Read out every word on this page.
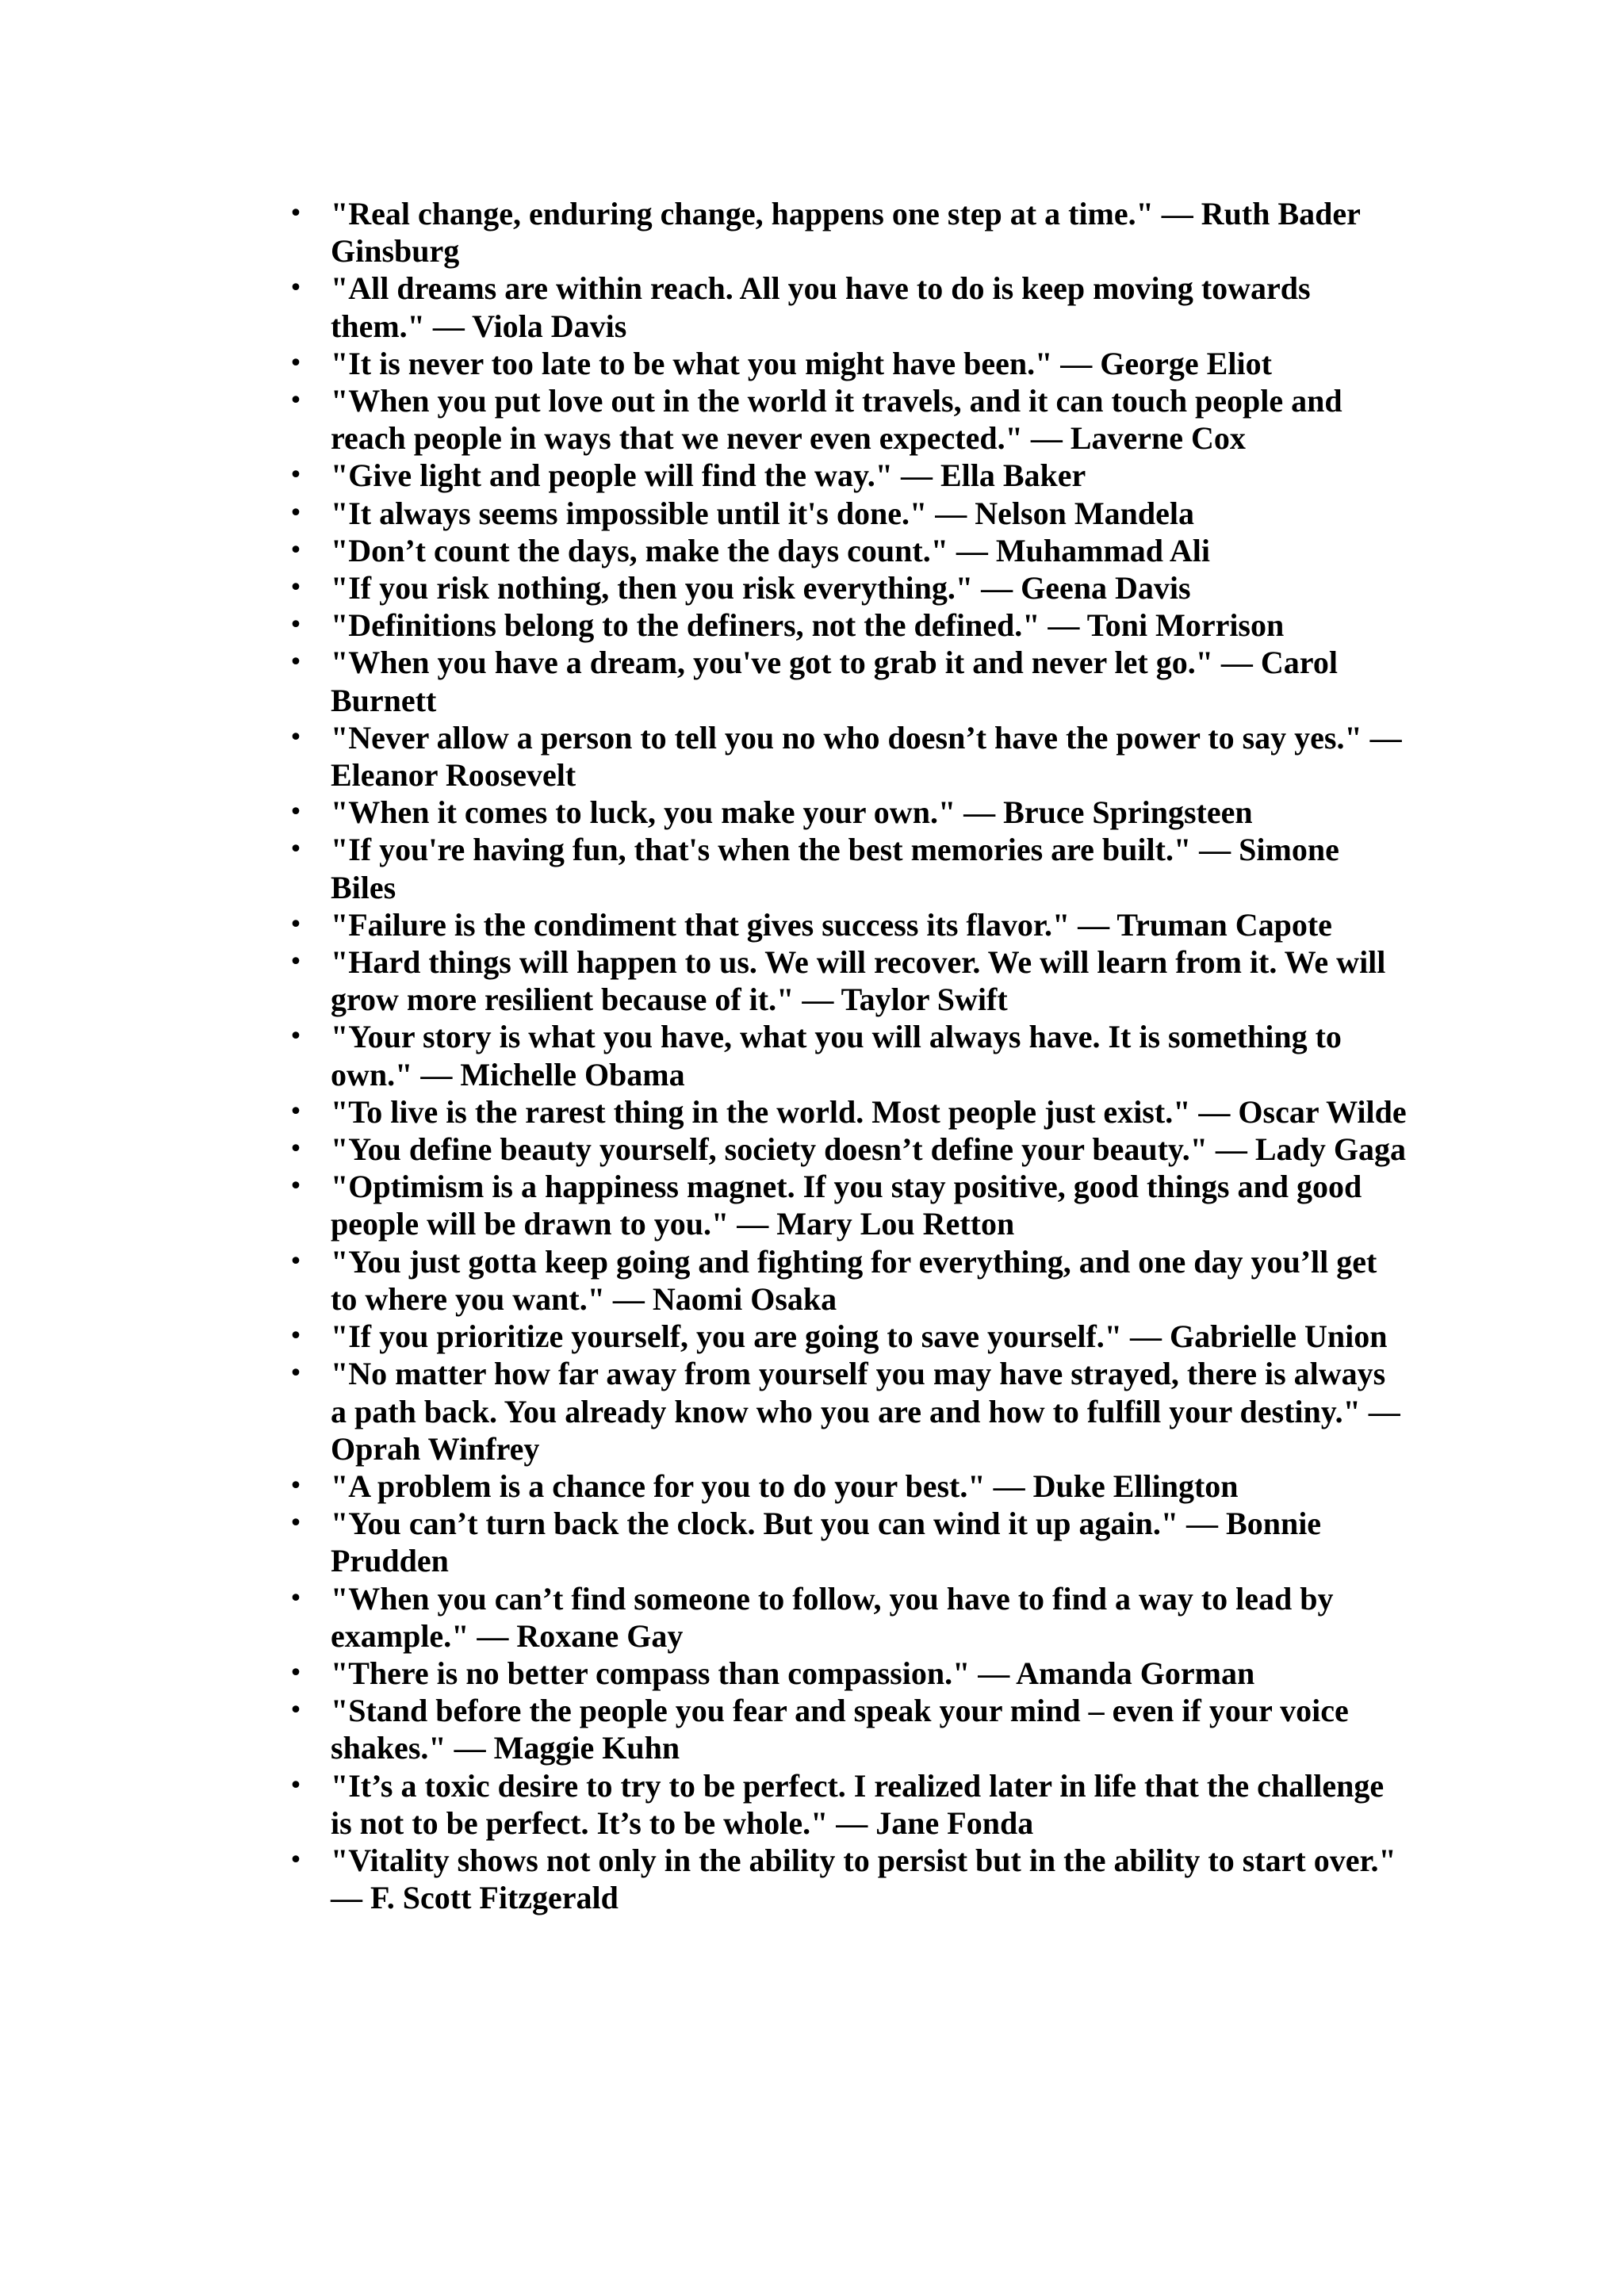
• "Real change, enduring change, happens one step at a time." — Ruth Bader Ginsburg
• "All dreams are within reach. All you have to do is keep moving towards them." — Viola Davis
• "It is never too late to be what you might have been." — George Eliot
• "When you put love out in the world it travels, and it can touch people and reach people in ways that we never even expected." — Laverne Cox
• "Give light and people will find the way." — Ella Baker
• "It always seems impossible until it's done." — Nelson Mandela
• "Don’t count the days, make the days count." — Muhammad Ali
• "If you risk nothing, then you risk everything." — Geena Davis
• "Definitions belong to the definers, not the defined." — Toni Morrison
• "When you have a dream, you've got to grab it and never let go." — Carol Burnett
• "Never allow a person to tell you no who doesn’t have the power to say yes." — Eleanor Roosevelt
• "When it comes to luck, you make your own." — Bruce Springsteen
• "If you're having fun, that's when the best memories are built." — Simone Biles
• "Failure is the condiment that gives success its flavor." — Truman Capote
• "Hard things will happen to us. We will recover. We will learn from it. We will grow more resilient because of it." — Taylor Swift
• "Your story is what you have, what you will always have. It is something to own." — Michelle Obama
• "To live is the rarest thing in the world. Most people just exist." — Oscar Wilde
• "You define beauty yourself, society doesn’t define your beauty." — Lady Gaga
• "Optimism is a happiness magnet. If you stay positive, good things and good people will be drawn to you." — Mary Lou Retton
• "You just gotta keep going and fighting for everything, and one day you’ll get to where you want." — Naomi Osaka
• "If you prioritize yourself, you are going to save yourself." — Gabrielle Union
• "No matter how far away from yourself you may have strayed, there is always a path back. You already know who you are and how to fulfill your destiny." — Oprah Winfrey
• "A problem is a chance for you to do your best." — Duke Ellington
• "You can’t turn back the clock. But you can wind it up again." — Bonnie Prudden
• "When you can’t find someone to follow, you have to find a way to lead by example." — Roxane Gay
• "There is no better compass than compassion." — Amanda Gorman
• "Stand before the people you fear and speak your mind – even if your voice shakes." — Maggie Kuhn
• "It’s a toxic desire to try to be perfect. I realized later in life that the challenge is not to be perfect. It’s to be whole." — Jane Fonda
• "Vitality shows not only in the ability to persist but in the ability to start over." — F. Scott Fitzgerald
